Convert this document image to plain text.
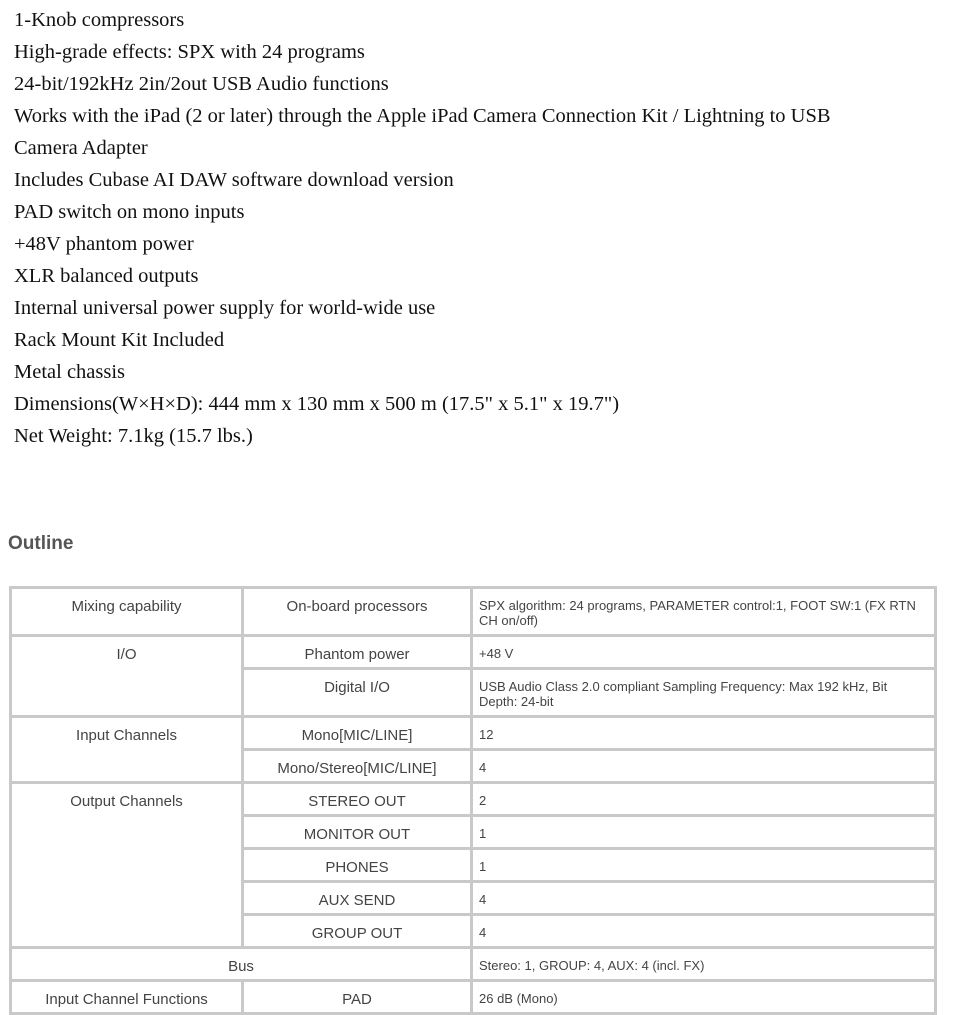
1-Knob compressors
High-grade effects: SPX with 24 programs
24-bit/192kHz 2in/2out USB Audio functions
Works with the iPad (2 or later) through the Apple iPad Camera Connection Kit / Lightning to USB
Camera Adapter
Includes Cubase AI DAW software download version
PAD switch on mono inputs
+48V phantom power
XLR balanced outputs
Internal universal power supply for world-wide use
Rack Mount Kit Included
Metal chassis
Dimensions(W×H×D): 444 mm x 130 mm x 500 m (17.5" x 5.1" x 19.7")
Net Weight: 7.1kg (15.7 lbs.)
Outline
Mixing capability	On-board processors	SPX algorithm: 24 programs, PARAMETER control:1, FOOT SW:1 (FX RTN CH on/off)
I/O	Phantom power	+48 V
	Digital I/O	USB Audio Class 2.0 compliant Sampling Frequency: Max 192 kHz, Bit Depth: 24-bit
Input Channels	Mono[MIC/LINE]	12
	Mono/Stereo[MIC/LINE]	4
Output Channels	STEREO OUT	2
	MONITOR OUT	1
	PHONES	1
	AUX SEND	4
	GROUP OUT	4
Bus		Stereo: 1, GROUP: 4, AUX: 4 (incl. FX)
Input Channel Functions	PAD	26 dB (Mono)
